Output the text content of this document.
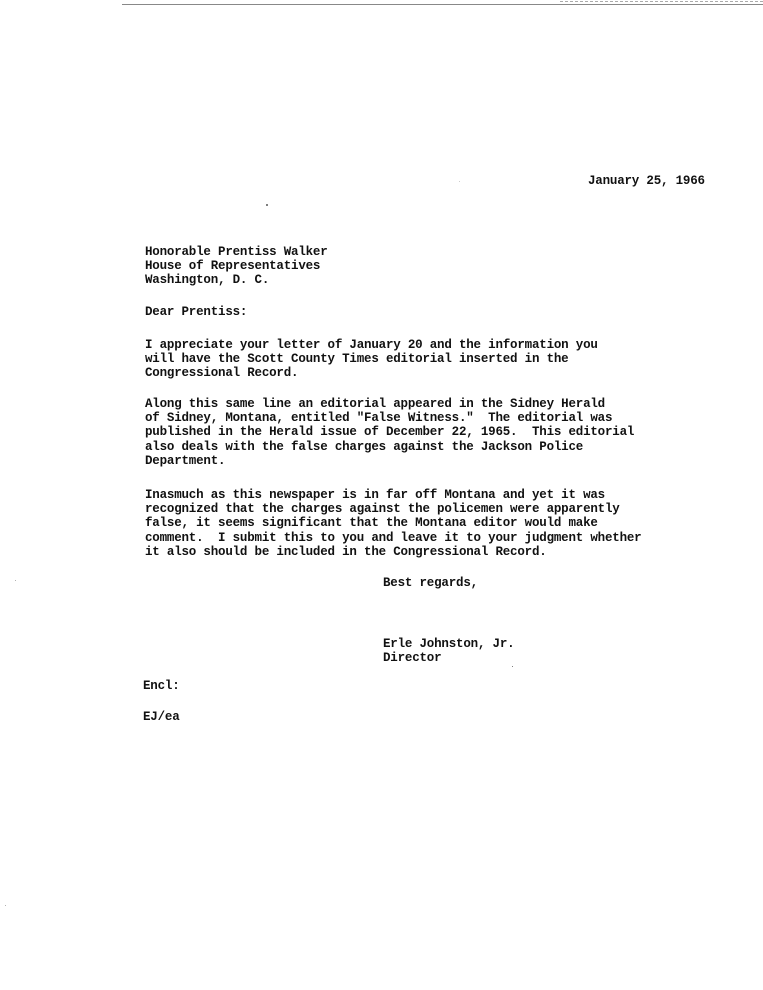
January 25, 1966
Honorable Prentiss Walker
House of Representatives
Washington, D. C.
Dear Prentiss:
I appreciate your letter of January 20 and the information you
will have the Scott County Times editorial inserted in the
Congressional Record.
Along this same line an editorial appeared in the Sidney Herald
of Sidney, Montana, entitled "False Witness."  The editorial was
published in the Herald issue of December 22, 1965.  This editorial
also deals with the false charges against the Jackson Police
Department.
Inasmuch as this newspaper is in far off Montana and yet it was
recognized that the charges against the policemen were apparently
false, it seems significant that the Montana editor would make
comment.  I submit this to you and leave it to your judgment whether
it also should be included in the Congressional Record.
Best regards,
Erle Johnston, Jr.
Director
Encl:
EJ/ea
